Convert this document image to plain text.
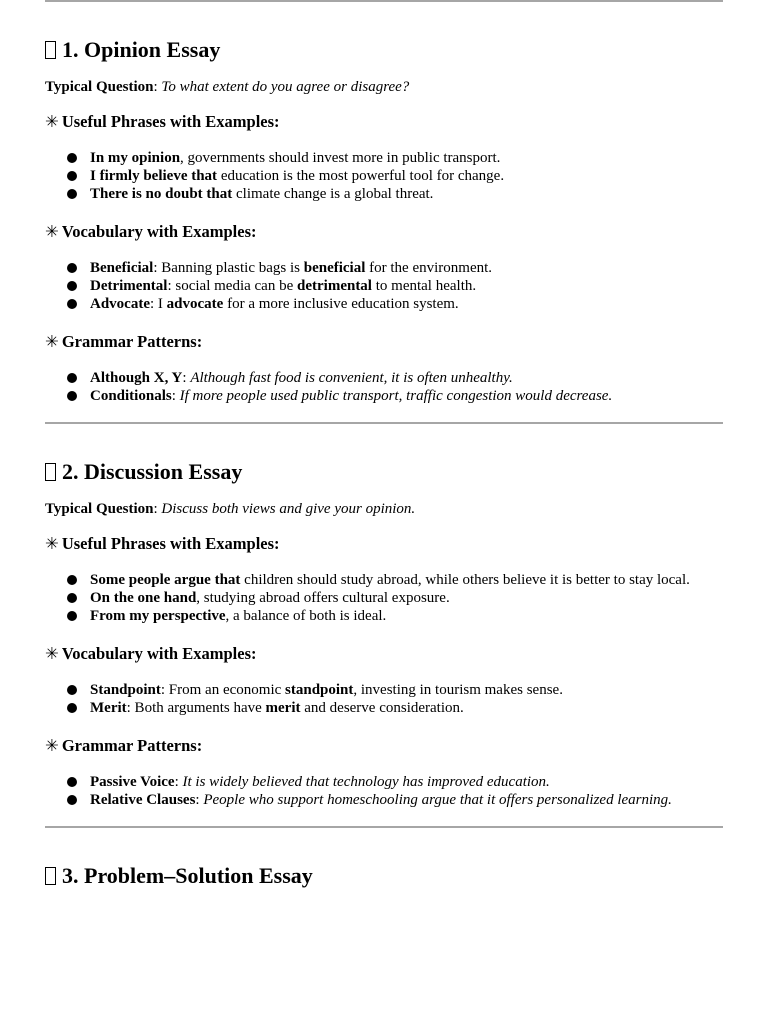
1. Opinion Essay

Typical Question: To what extent do you agree or disagree?

✳ Useful Phrases with Examples:

In my opinion, governments should invest more in public transport.
I firmly believe that education is the most powerful tool for change.
There is no doubt that climate change is a global threat.

✳ Vocabulary with Examples:

Beneficial: Banning plastic bags is beneficial for the environment.
Detrimental: social media can be detrimental to mental health.
Advocate: I advocate for a more inclusive education system.

✳ Grammar Patterns:

Although X, Y: Although fast food is convenient, it is often unhealthy.
Conditionals: If more people used public transport, traffic congestion would decrease.
2. Discussion Essay

Typical Question: Discuss both views and give your opinion.

✳ Useful Phrases with Examples:

Some people argue that children should study abroad, while others believe it is better to stay local.
On the one hand, studying abroad offers cultural exposure.
From my perspective, a balance of both is ideal.

✳ Vocabulary with Examples:

Standpoint: From an economic standpoint, investing in tourism makes sense.
Merit: Both arguments have merit and deserve consideration.

✳ Grammar Patterns:

Passive Voice: It is widely believed that technology has improved education.
Relative Clauses: People who support homeschooling argue that it offers personalized learning.
3. Problem–Solution Essay
